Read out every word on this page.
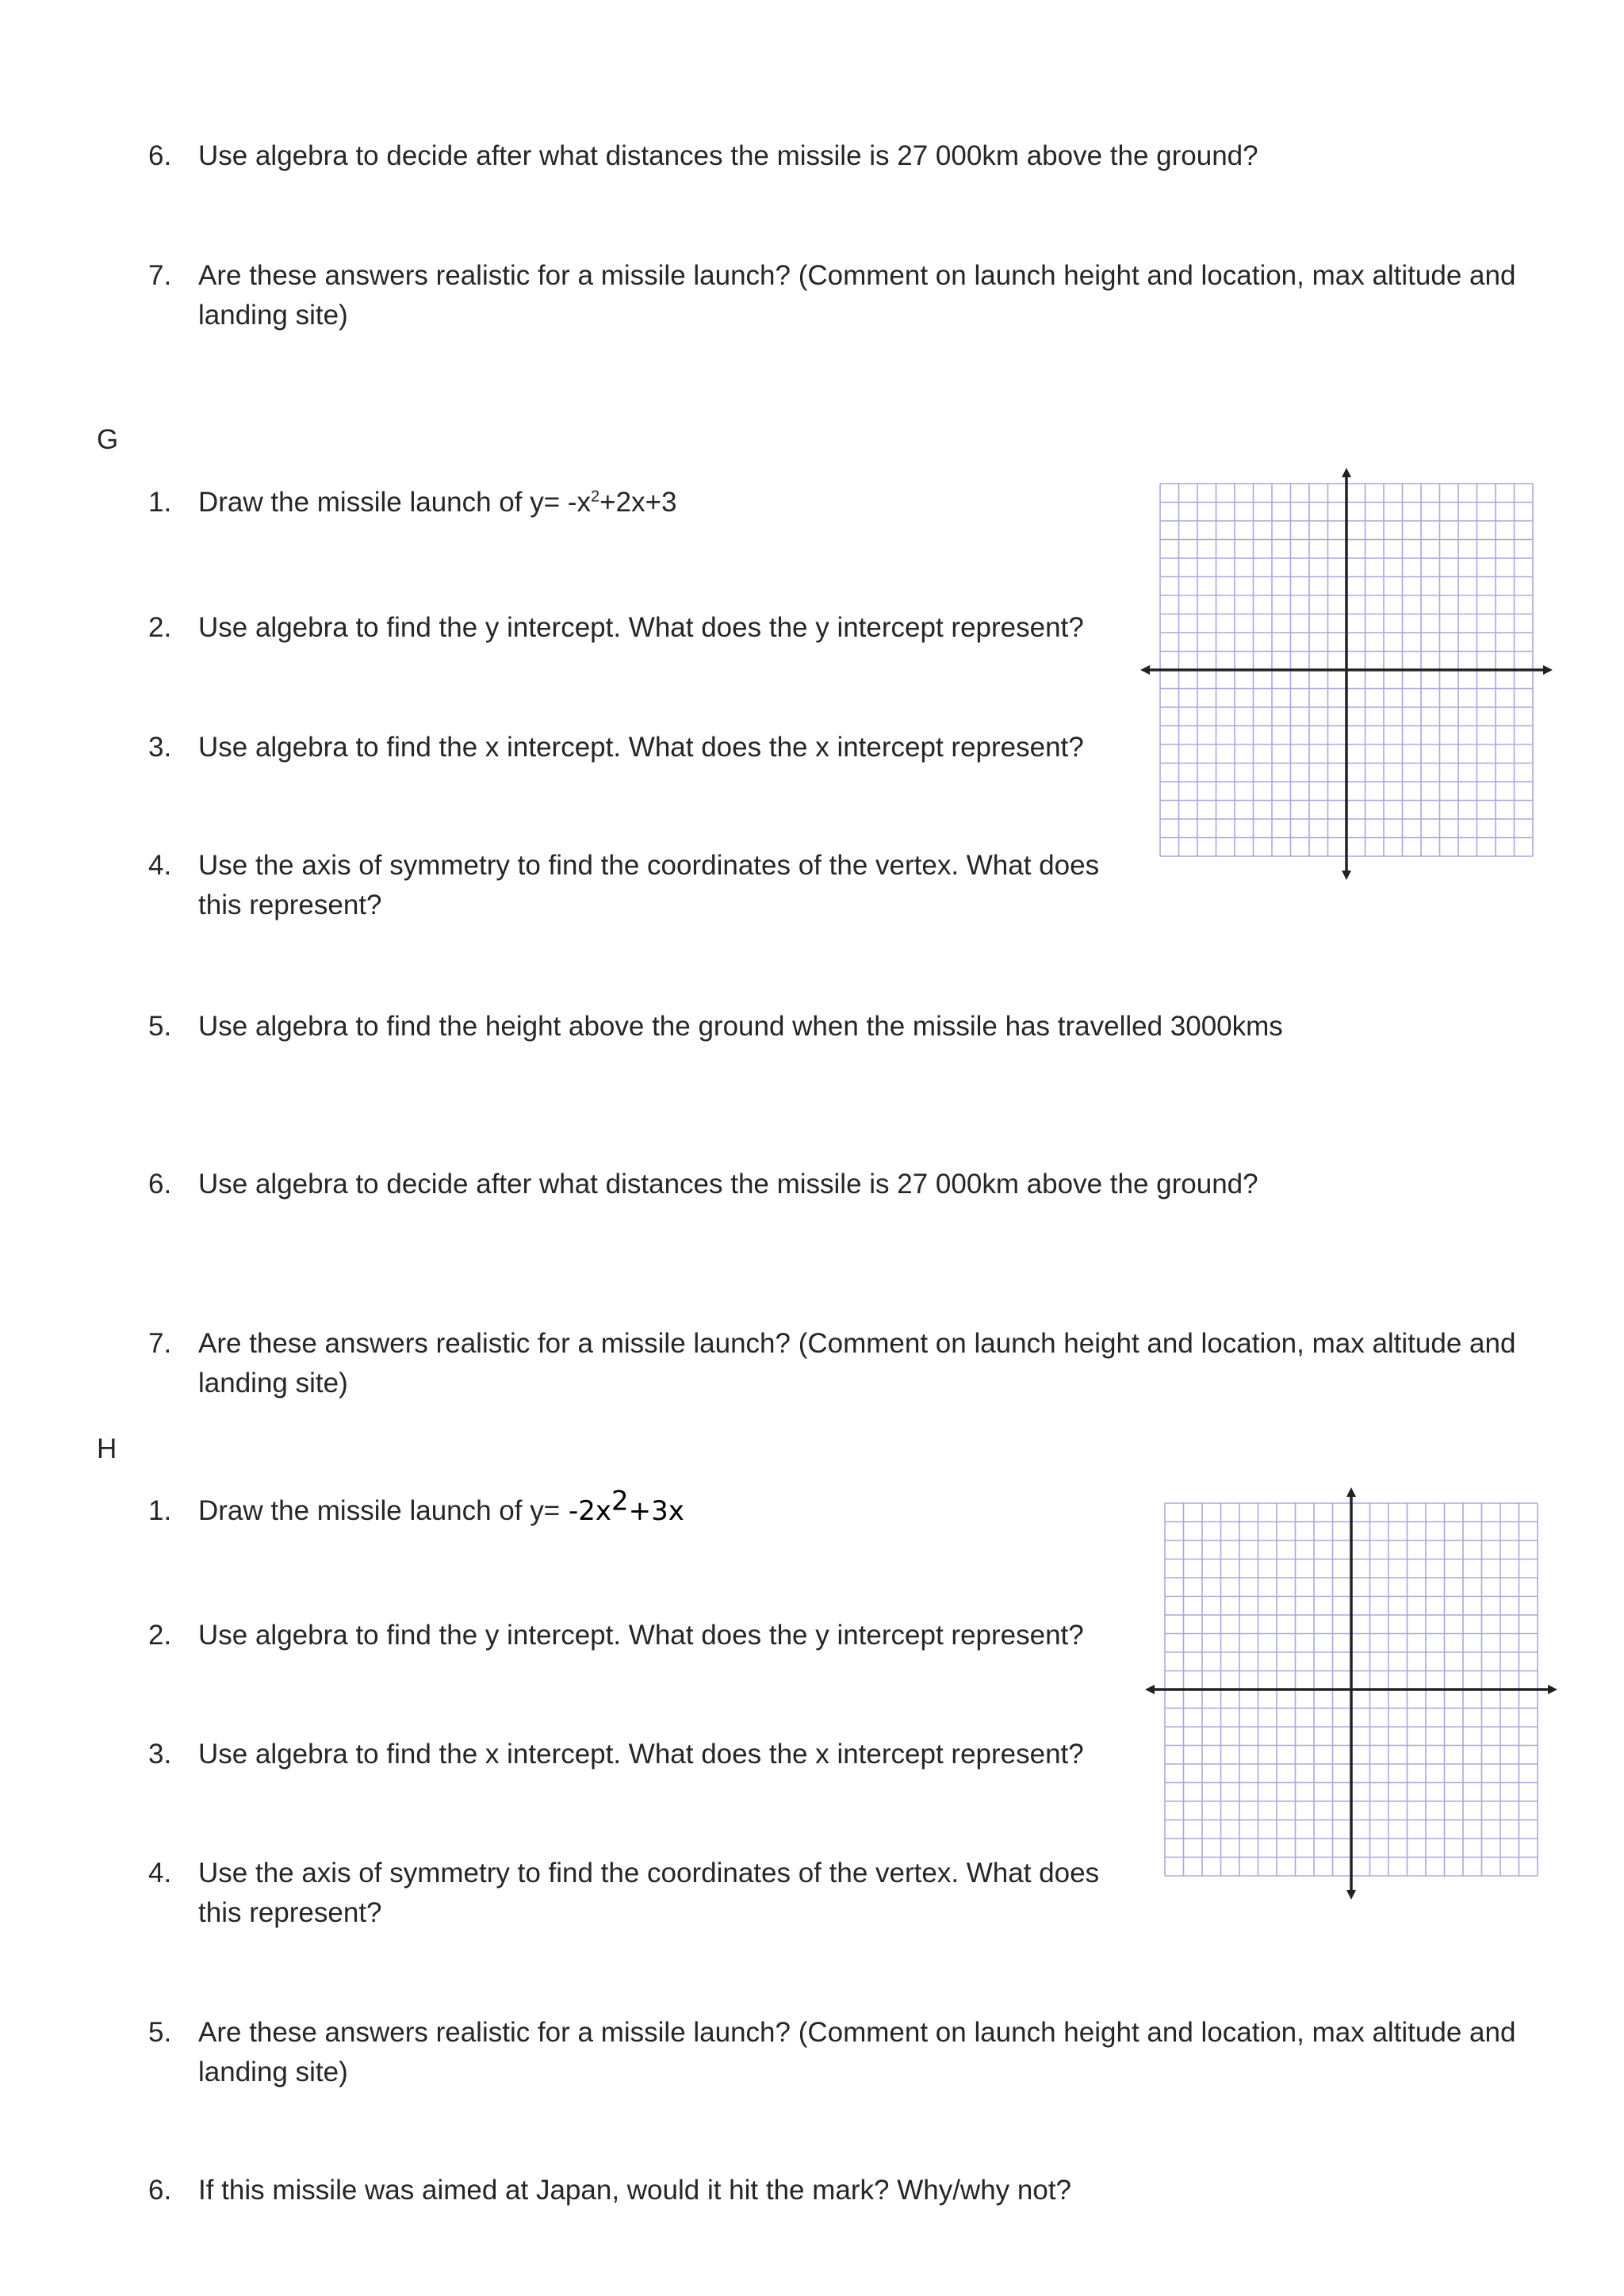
6. Use algebra to decide after what distances the missile is 27 000km above the ground?
7. Are these answers realistic for a missile launch? (Comment on launch height and location, max altitude and
landing site)
G
1. Draw the missile launch of $y= -x^2+2x+3$
2. Use algebra to find the y intercept. What does the y intercept represent?
3. Use algebra to find the x intercept. What does the x intercept represent?
4. Use the axis of symmetry to find the coordinates of the vertex. What does
this represent?
5. Use algebra to find the height above the ground when the missile has travelled 3000kms
6. Use algebra to decide after what distances the missile is 27 000km above the ground?
7. Are these answers realistic for a missile launch? (Comment on launch height and location, max altitude and
landing site)
H
1. Draw the missile launch of $y= -2x^2+3x$
2. Use algebra to find the y intercept. What does the y intercept represent?
3. Use algebra to find the x intercept. What does the x intercept represent?
4. Use the axis of symmetry to find the coordinates of the vertex. What does
this represent?
5. Are these answers realistic for a missile launch? (Comment on launch height and location, max altitude and
landing site)
6. If this missile was aimed at Japan, would it hit the mark? Why/why not?
